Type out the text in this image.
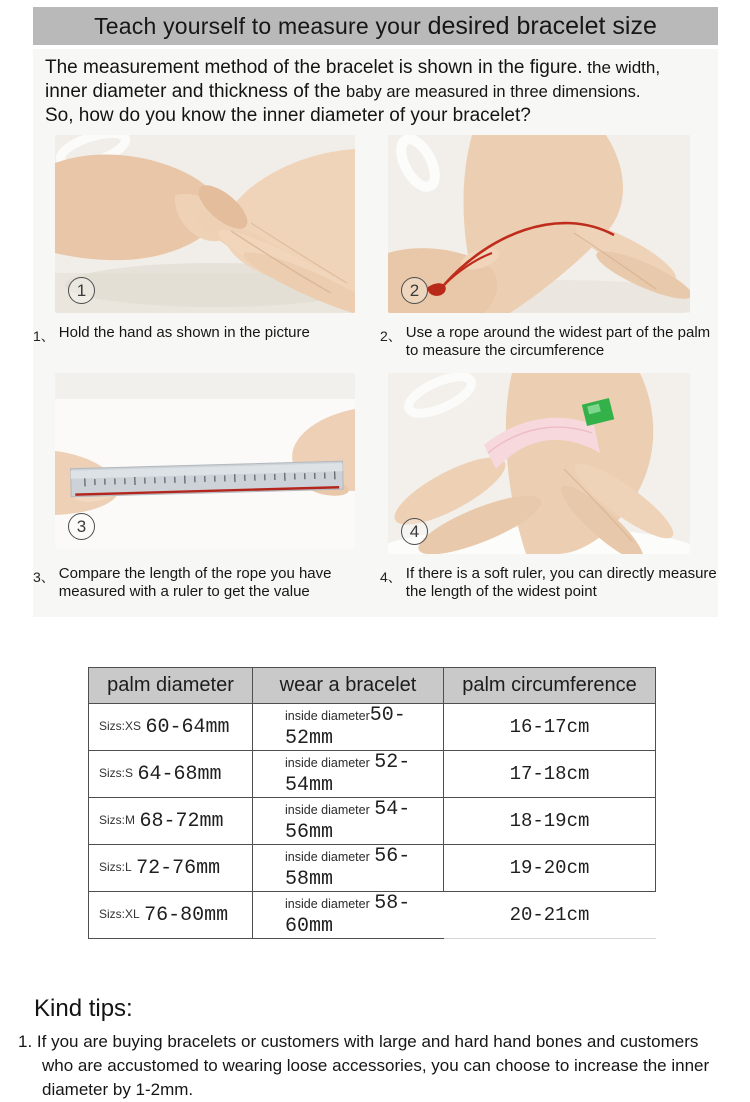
Teach yourself to measure your desired bracelet size
The measurement method of the bracelet is shown in the figure. the width,
inner diameter and thickness of the baby are measured in three dimensions.
So, how do you know the inner diameter of your bracelet?
1	2
1、 Hold the hand as shown in the picture	2、 Use a rope around the widest part of the palm to measure the circumference
3	4
3、 Compare the length of the rope you have measured with a ruler to get the value
4、 If there is a soft ruler, you can directly measure the length of the widest point
palm diameter	wear a bracelet	palm circumference
Sizs:XS 60-64mm	inside diameter50-52mm	16-17cm
Sizs:S 64-68mm	inside diameter 52-54mm	17-18cm
Sizs:M 68-72mm	inside diameter 54-56mm	18-19cm
Sizs:L 72-76mm	inside diameter 56-58mm	19-20cm
Sizs:XL 76-80mm	inside diameter 58-60mm	20-21cm
Kind tips:
1. If you are buying bracelets or customers with large and hard hand bones and customers who are accustomed to wearing loose accessories, you can choose to increase the inner diameter by 1-2mm.
